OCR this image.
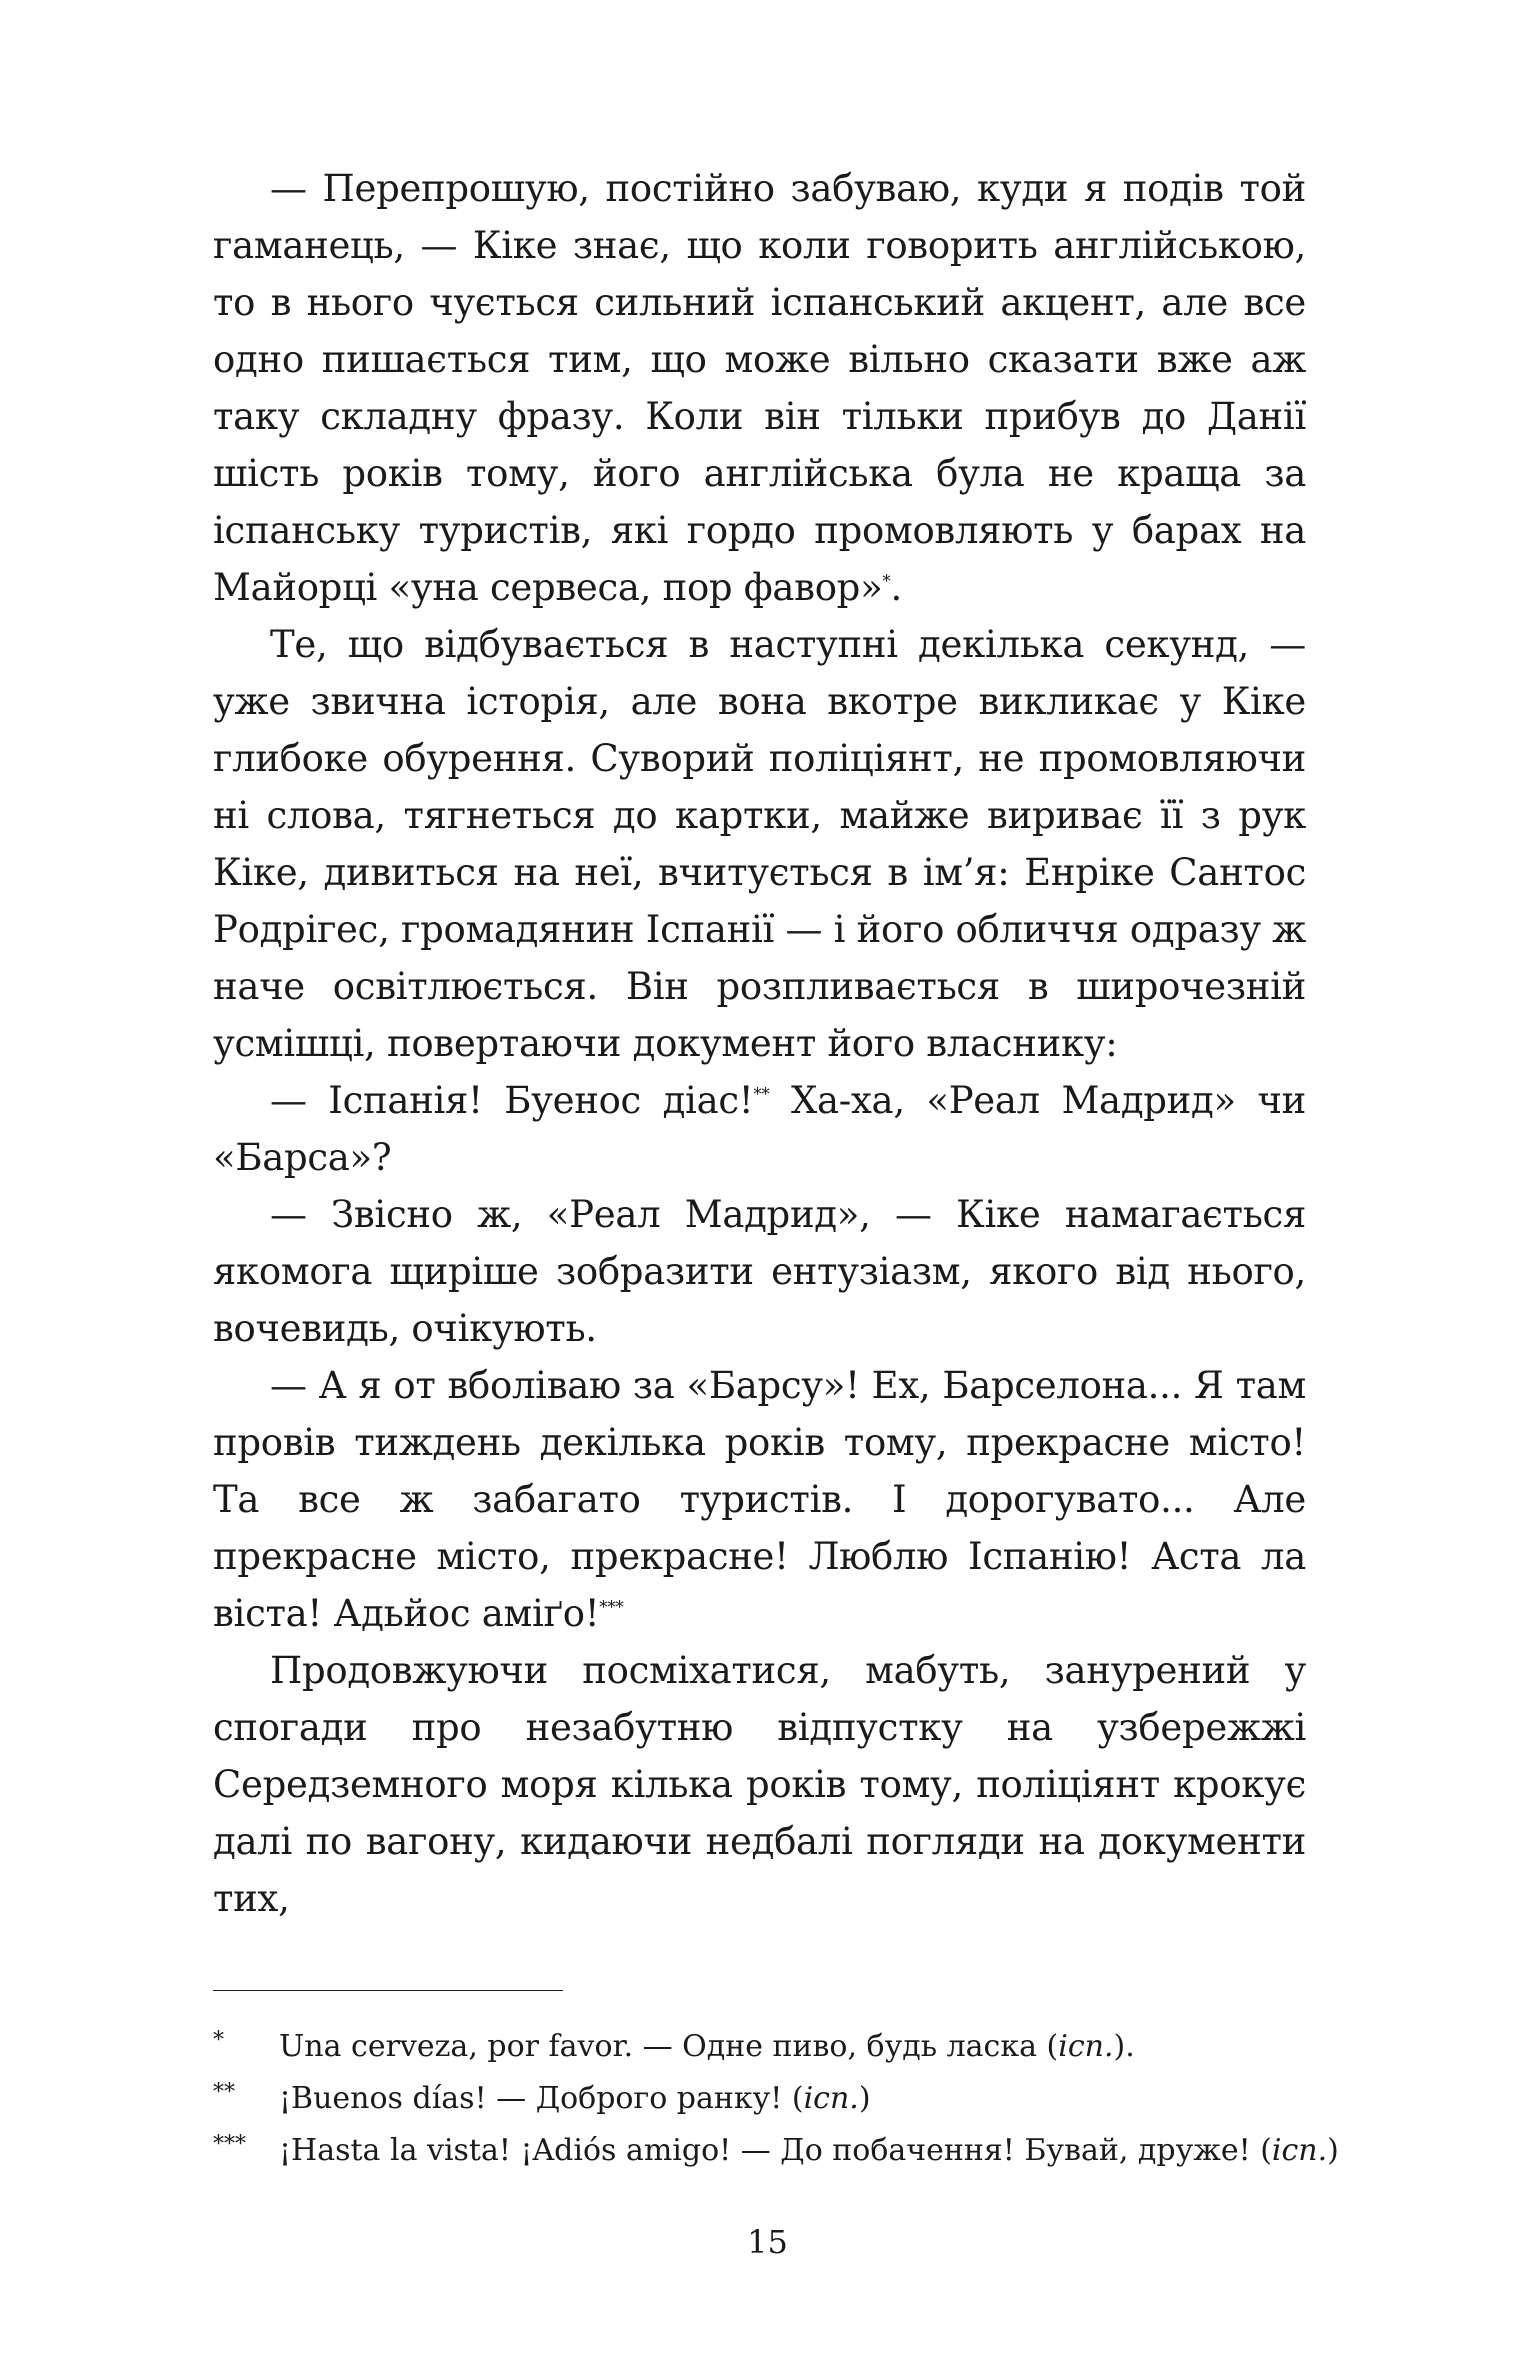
— Перепрошую, постійно забуваю, куди я подів той гаманець, — Кіке знає, що коли говорить англійською, то в нього чується сильний іспанський акцент, але все одно пишається тим, що може вільно сказати вже аж таку складну фразу. Коли він тільки прибув до Данії шість років тому, його англійська була не краща за іспанську туристів, які гордо промовляють у барах на Майорці «уна сервеса, пор фавор»*.

Те, що відбувається в наступні декілька секунд, — уже звична історія, але вона вкотре викликає у Кіке глибоке обурення. Суворий поліціянт, не промовляючи ні слова, тягнеться до картки, майже вириває її з рук Кіке, дивиться на неї, вчитується в ім’я: Енріке Сантос Родрігес, громадянин Іспанії — і його обличчя одразу ж наче освітлюється. Він розпливається в широчезній усмішці, повертаючи документ його власнику:

— Іспанія! Буенос діас!** Ха-ха, «Реал Мадрид» чи «Барса»?

— Звісно ж, «Реал Мадрид», — Кіке намагається якомога щиріше зобразити ентузіазм, якого від нього, вочевидь, очікують.

— А я от вболіваю за «Барсу»! Ех, Барселона... Я там провів тиждень декілька років тому, прекрасне місто! Та все ж забагато туристів. І дорогувато... Але прекрасне місто, прекрасне! Люблю Іспанію! Аста ла віста! Адьйос аміґо!***

Продовжуючи посміхатися, мабуть, занурений у спогади про незабутню відпустку на узбережжі Середземного моря кілька років тому, поліціянт крокує далі по вагону, кидаючи недбалі погляди на документи тих,

* Una cerveza, por favor. — Одне пиво, будь ласка (ісп.).
** ¡Buenos días! — Доброго ранку! (ісп.)
*** ¡Hasta la vista! ¡Adiós amigo! — До побачення! Бувай, друже! (ісп.)
15
